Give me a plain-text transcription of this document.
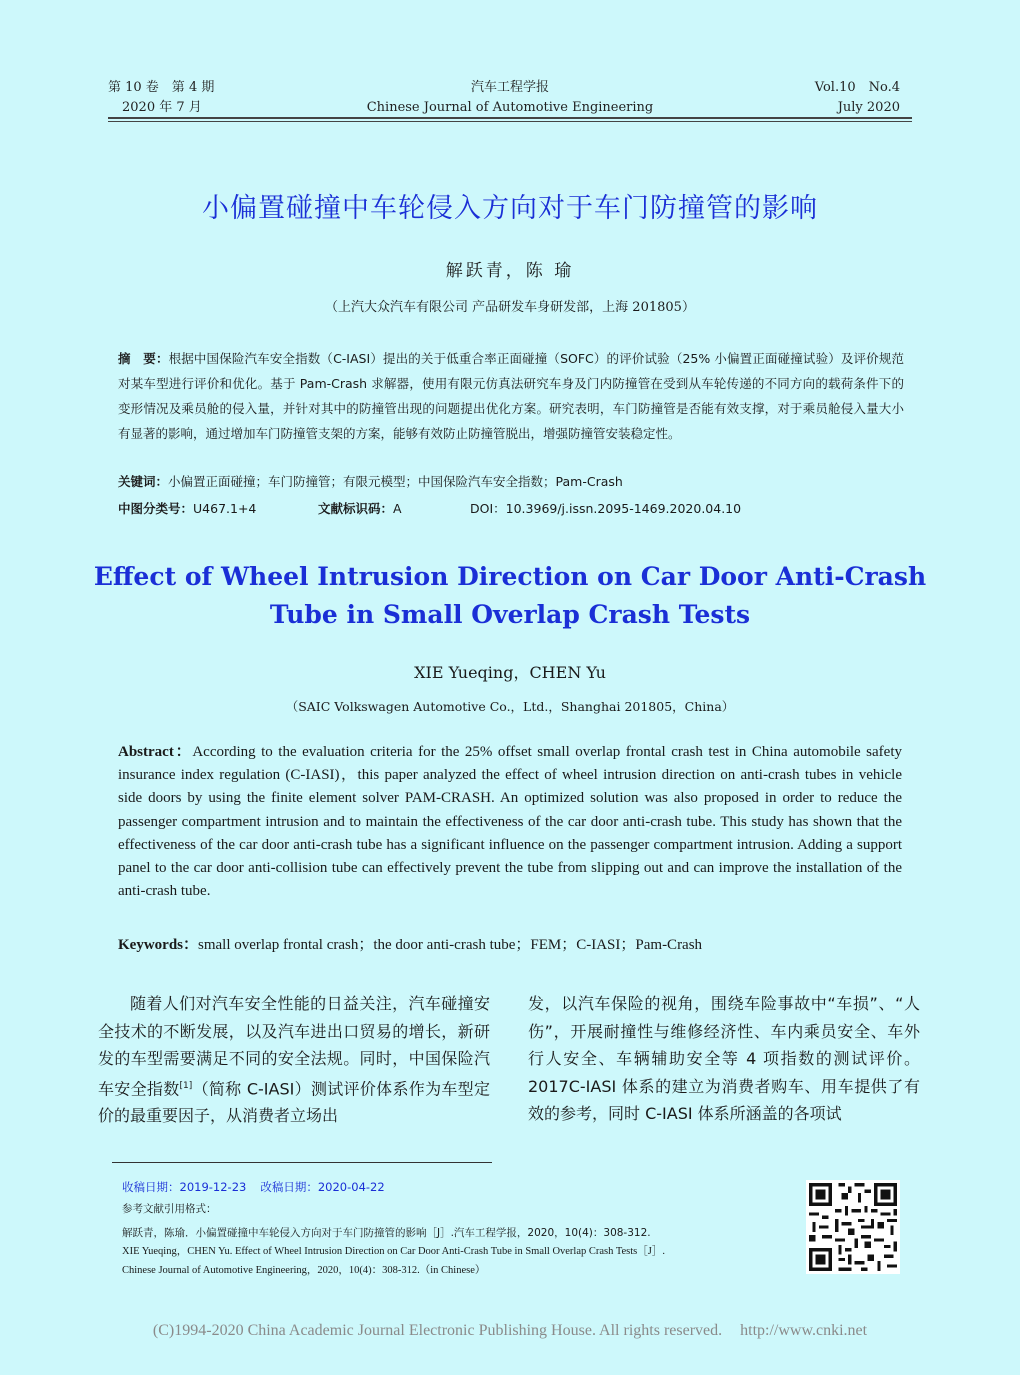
第 10 卷　第 4 期
2020 年 7 月
汽车工程学报
Chinese Journal of Automotive Engineering
Vol.10　No.4
July 2020
小偏置碰撞中车轮侵入方向对于车门防撞管的影响
解跃青，陈 瑜
（上汽大众汽车有限公司 产品研发车身研发部，上海 201805）
摘　要：根据中国保险汽车安全指数（C-IASI）提出的关于低重合率正面碰撞（SOFC）的评价试验（25% 小偏置正面碰撞试验）及评价规范对某车型进行评价和优化。基于 Pam-Crash 求解器，使用有限元仿真法研究车身及门内防撞管在受到从车轮传递的不同方向的载荷条件下的变形情况及乘员舱的侵入量，并针对其中的防撞管出现的问题提出优化方案。研究表明，车门防撞管是否能有效支撑，对于乘员舱侵入量大小有显著的影响，通过增加车门防撞管支架的方案，能够有效防止防撞管脱出，增强防撞管安装稳定性。
关键词：小偏置正面碰撞；车门防撞管；有限元模型；中国保险汽车安全指数；Pam-Crash
中图分类号：U467.1+4	文献标识码：A	DOI：10.3969/j.issn.2095-1469.2020.04.10
Effect of Wheel Intrusion Direction on Car Door Anti-Crash
Tube in Small Overlap Crash Tests
XIE Yueqing，CHEN Yu
（SAIC Volkswagen Automotive Co.，Ltd.，Shanghai 201805，China）
Abstract：According to the evaluation criteria for the 25% offset small overlap frontal crash test in China automobile safety insurance index regulation (C-IASI)，this paper analyzed the effect of wheel intrusion direction on anti-crash tubes in vehicle side doors by using the finite element solver PAM-CRASH. An optimized solution was also proposed in order to reduce the passenger compartment intrusion and to maintain the effectiveness of the car door anti-crash tube. This study has shown that the effectiveness of the car door anti-crash tube has a significant influence on the passenger compartment intrusion. Adding a support panel to the car door anti-collision tube can effectively prevent the tube from slipping out and can improve the installation of the anti-crash tube.
Keywords：small overlap frontal crash；the door anti-crash tube；FEM；C-IASI；Pam-Crash
随着人们对汽车安全性能的日益关注，汽车碰撞安全技术的不断发展，以及汽车进出口贸易的增长，新研发的车型需要满足不同的安全法规。同时，中国保险汽车安全指数[1]（简称 C-IASI）测试评价体系作为车型定价的最重要因子，从消费者立场出
发，以汽车保险的视角，围绕车险事故中“车损”、“人伤”，开展耐撞性与维修经济性、车内乘员安全、车外行人安全、车辆辅助安全等 4 项指数的测试评价。2017C-IASI 体系的建立为消费者购车、用车提供了有效的参考，同时 C-IASI 体系所涵盖的各项试
收稿日期：2019-12-23 改稿日期：2020-04-22
参考文献引用格式：
解跃青，陈瑜．小偏置碰撞中车轮侵入方向对于车门防撞管的影响［J］.汽车工程学报，2020，10(4)：308-312.
XIE Yueqing，CHEN Yu. Effect of Wheel Intrusion Direction on Car Door Anti-Crash Tube in Small Overlap Crash Tests［J］.
Chinese Journal of Automotive Engineering，2020，10(4)：308-312.（in Chinese）
(C)1994-2020 China Academic Journal Electronic Publishing House. All rights reserved. http://www.cnki.net
